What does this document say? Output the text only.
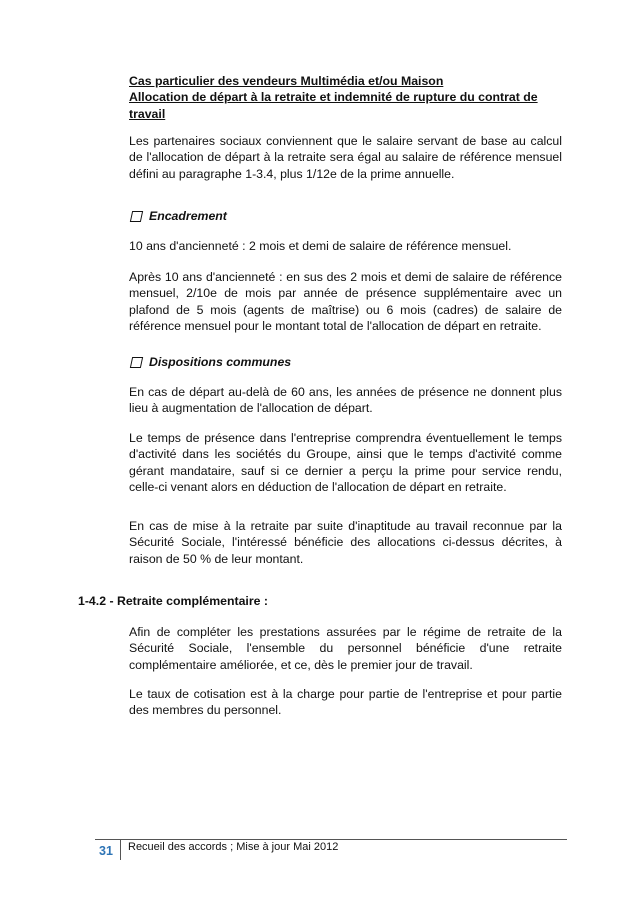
Cas particulier des vendeurs Multimédia et/ou Maison
Allocation de départ à la retraite et indemnité de rupture du contrat de travail

Les partenaires sociaux conviennent que le salaire servant de base au calcul de l'allocation de départ à la retraite sera égal au salaire de référence mensuel défini au paragraphe 1-3.4, plus 1/12e de la prime annuelle.

Encadrement

10 ans d'ancienneté : 2 mois et demi de salaire de référence mensuel.

Après 10 ans d'ancienneté : en sus des 2 mois et demi de salaire de référence mensuel, 2/10e de mois par année de présence supplémentaire avec un plafond de 5 mois (agents de maîtrise) ou 6 mois (cadres) de salaire de référence mensuel pour le montant total de l'allocation de départ en retraite.

Dispositions communes

En cas de départ au-delà de 60 ans, les années de présence ne donnent plus lieu à augmentation de l'allocation de départ.

Le temps de présence dans l'entreprise comprendra éventuellement le temps d'activité dans les sociétés du Groupe, ainsi que le temps d'activité comme gérant mandataire, sauf si ce dernier a perçu la prime pour service rendu, celle-ci venant alors en déduction de l'allocation de départ en retraite.

En cas de mise à la retraite par suite d'inaptitude au travail reconnue par la Sécurité Sociale, l'intéressé bénéficie des allocations ci-dessus décrites, à raison de 50 % de leur montant.

1-4.2 - Retraite complémentaire :

Afin de compléter les prestations assurées par le régime de retraite de la Sécurité Sociale, l'ensemble du personnel bénéficie d'une retraite complémentaire améliorée, et ce, dès le premier jour de travail.

Le taux de cotisation est à la charge pour partie de l'entreprise et pour partie des membres du personnel.

31 Recueil des accords ; Mise à jour Mai 2012
